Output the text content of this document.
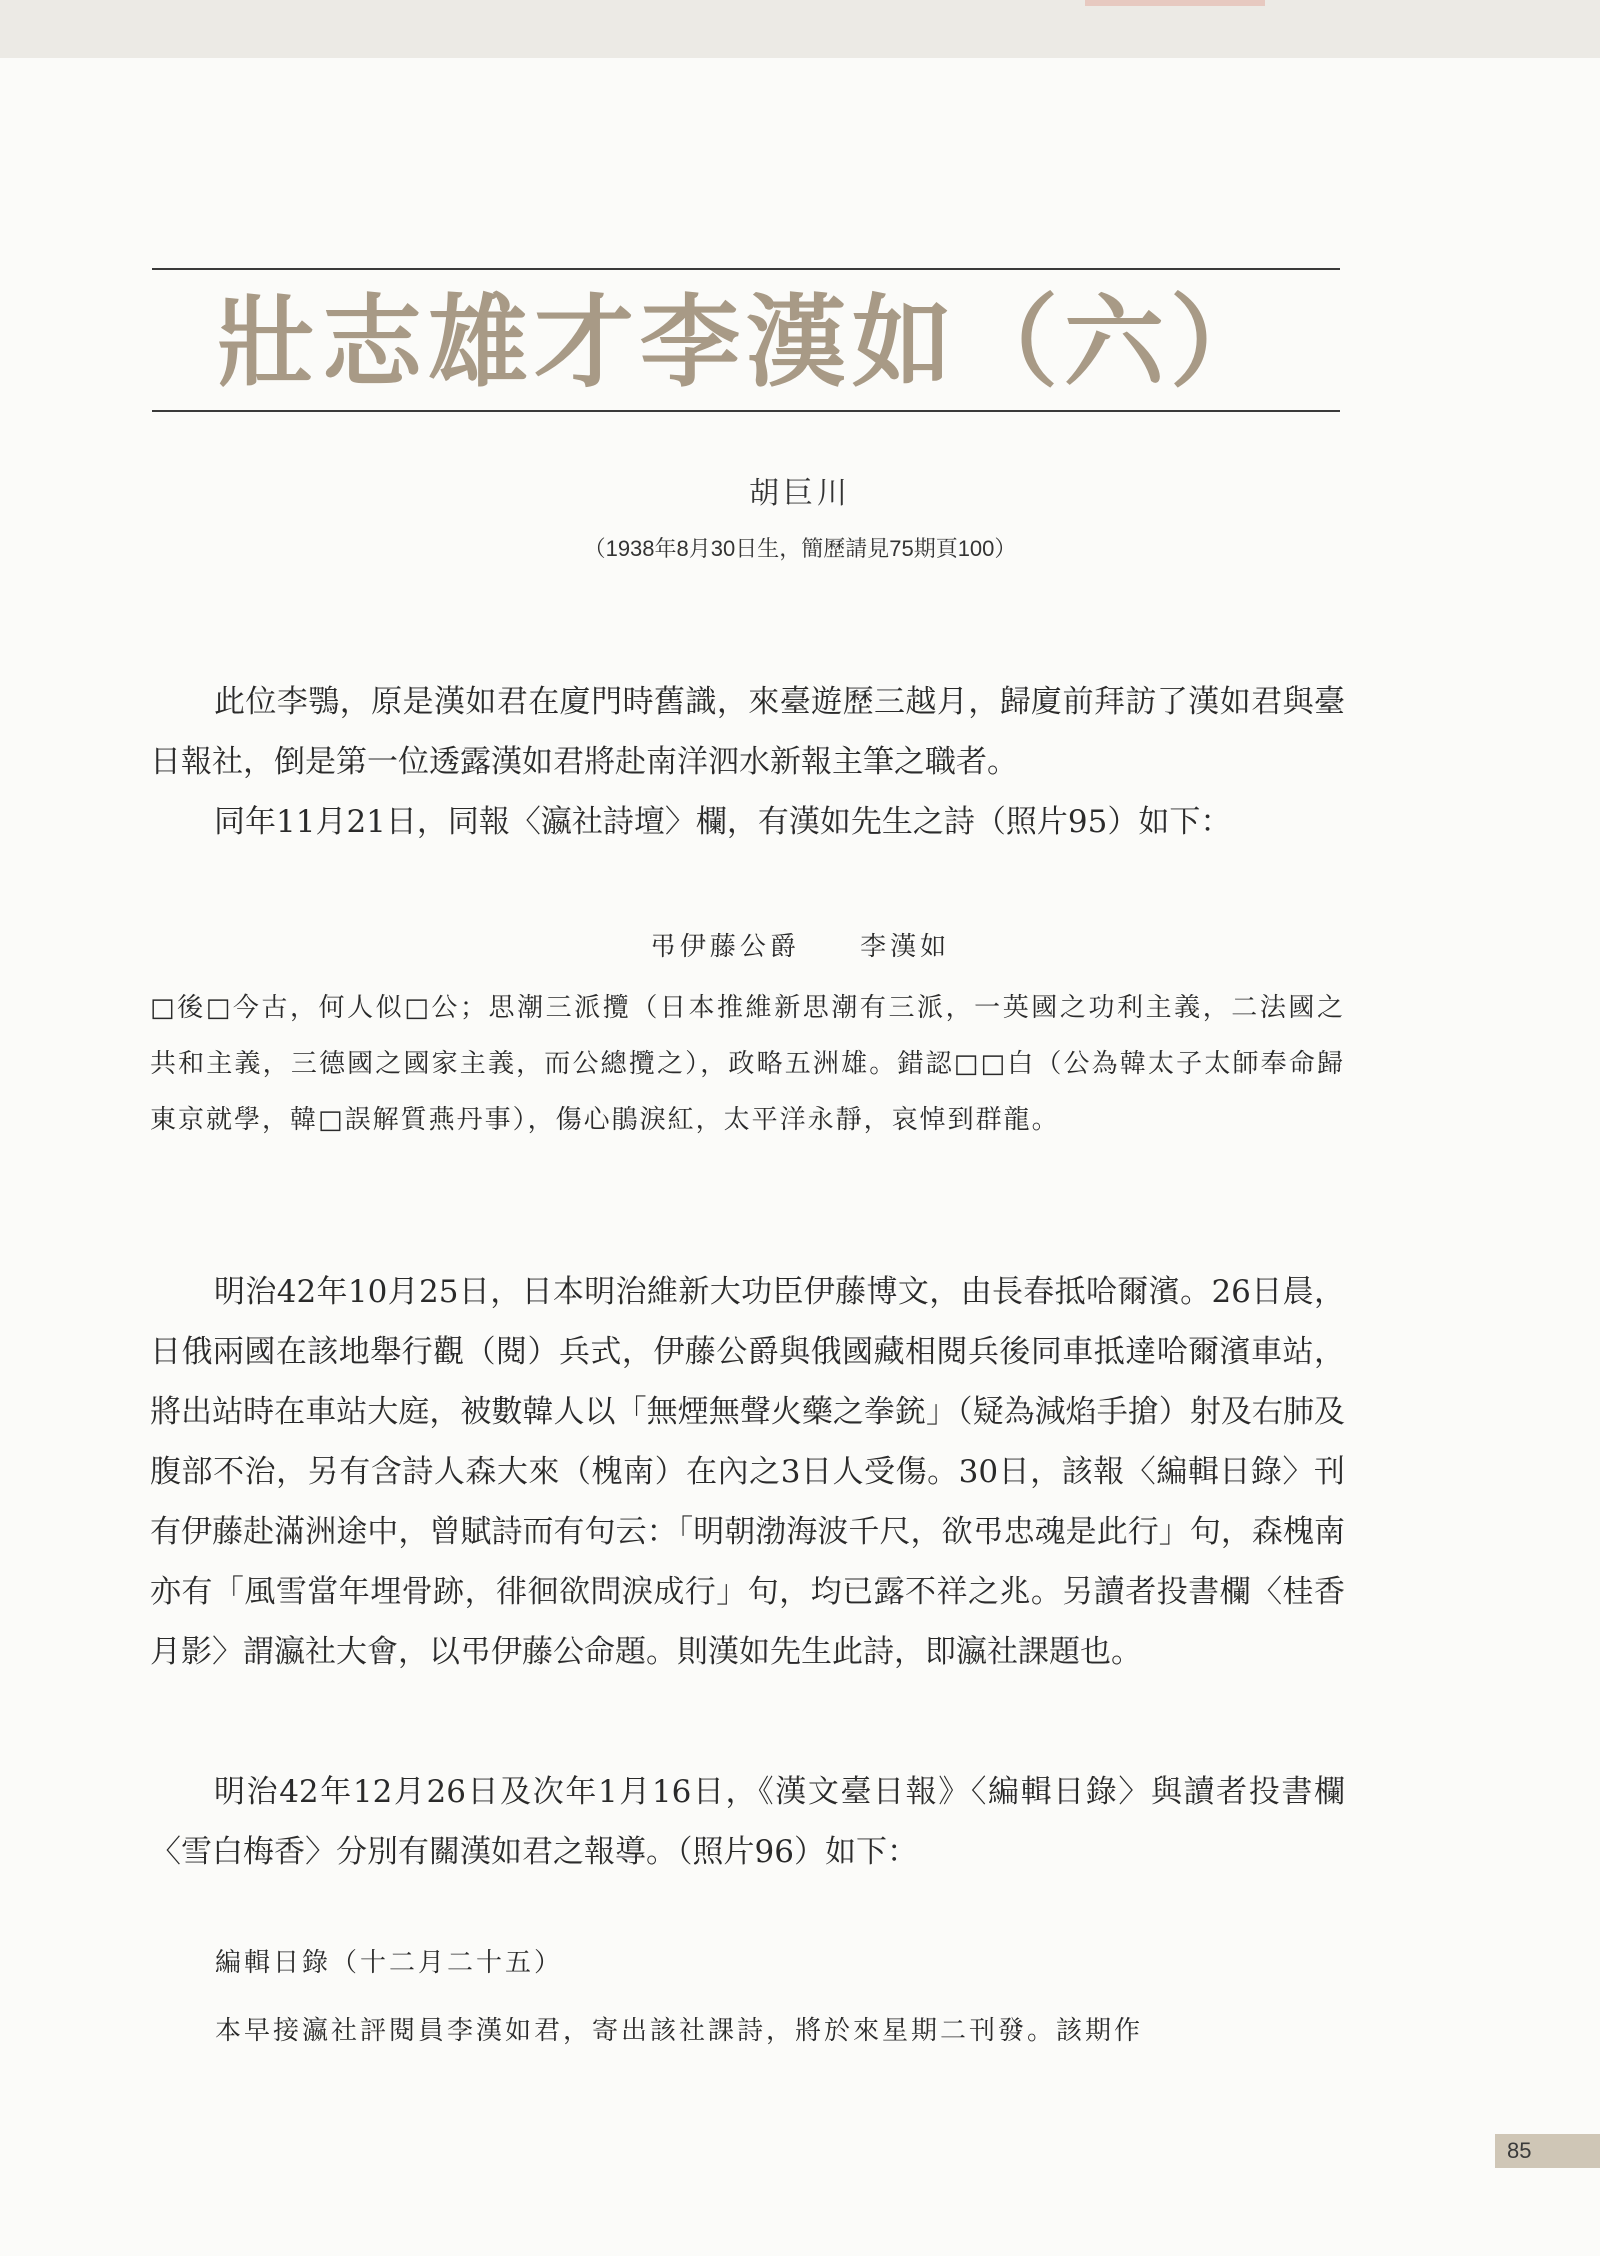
壯志雄才李漢如（六）
胡巨川
（1938年8月30日生，簡歷請見75期頁100）
此位李鶚，原是漢如君在廈門時舊識，來臺遊歷三越月，歸廈前拜訪了漢如君與臺日報社，倒是第一位透露漢如君將赴南洋泗水新報主筆之職者。
同年11月21日，同報〈瀛社詩壇〉欄，有漢如先生之詩（照片95）如下：
弔伊藤公爵 李漢如
□後□今古，何人似□公；思潮三派攬（日本推維新思潮有三派，一英國之功利主義，二法國之共和主義，三德國之國家主義，而公總攬之），政略五洲雄。錯認□□白（公為韓太子太師奉命歸東京就學，韓□誤解質燕丹事），傷心鵑淚紅，太平洋永靜，哀悼到群龍。
明治42年10月25日，日本明治維新大功臣伊藤博文，由長春抵哈爾濱。26日晨，日俄兩國在該地舉行觀（閱）兵式，伊藤公爵與俄國藏相閱兵後同車抵達哈爾濱車站，將出站時在車站大庭，被數韓人以「無煙無聲火藥之拳銃」（疑為減焰手搶）射及右肺及腹部不治，另有含詩人森大來（槐南）在內之3日人受傷。30日，該報〈編輯日錄〉刊有伊藤赴滿洲途中，曾賦詩而有句云：「明朝渤海波千尺，欲弔忠魂是此行」句，森槐南亦有「風雪當年埋骨跡，徘徊欲問淚成行」句，均已露不祥之兆。另讀者投書欄〈桂香月影〉謂瀛社大會，以弔伊藤公命題。則漢如先生此詩，即瀛社課題也。
明治42年12月26日及次年1月16日，《漢文臺日報》〈編輯日錄〉與讀者投書欄〈雪白梅香〉分別有關漢如君之報導。（照片96）如下：
編輯日錄（十二月二十五）
本早接瀛社評閱員李漢如君，寄出該社課詩，將於來星期二刊發。該期作
85
